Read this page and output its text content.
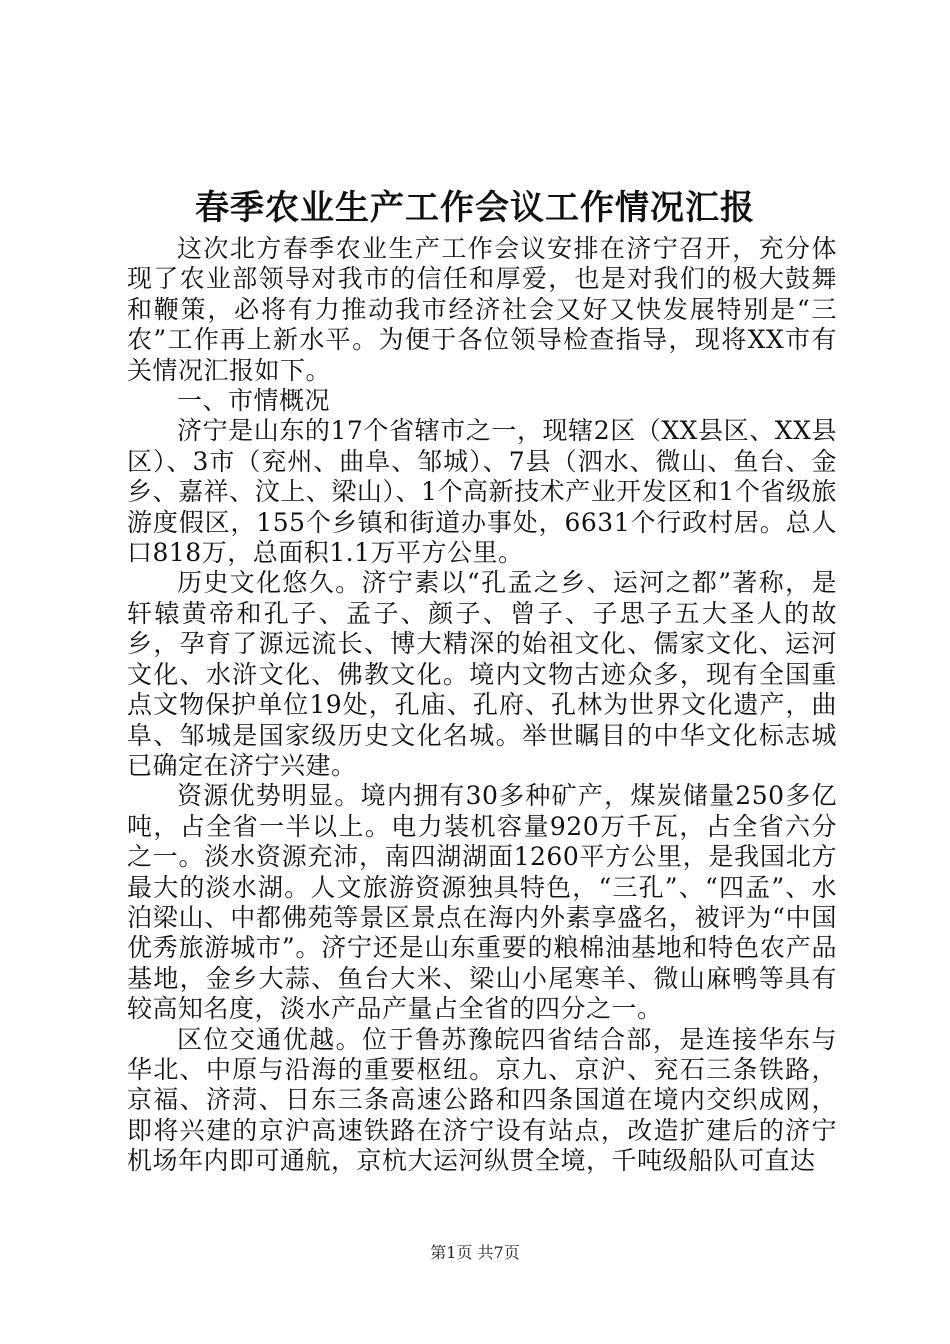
春季农业生产工作会议工作情况汇报

这次北方春季农业生产工作会议安排在济宁召开，充分体现了农业部领导对我市的信任和厚爱，也是对我们的极大鼓舞和鞭策，必将有力推动我市经济社会又好又快发展特别是“三农”工作再上新水平。为便于各位领导检查指导，现将XX市有关情况汇报如下。

一、市情概况

济宁是山东的17个省辖市之一，现辖2区（XX县区、XX县区）、3市（兖州、曲阜、邹城）、7县（泗水、微山、鱼台、金乡、嘉祥、汶上、梁山）、1个高新技术产业开发区和1个省级旅游度假区，155个乡镇和街道办事处，6631个行政村居。总人口818万，总面积1.1万平方公里。

历史文化悠久。济宁素以“孔孟之乡、运河之都”著称，是轩辕黄帝和孔子、孟子、颜子、曾子、子思子五大圣人的故乡，孕育了源远流长、博大精深的始祖文化、儒家文化、运河文化、水浒文化、佛教文化。境内文物古迹众多，现有全国重点文物保护单位19处，孔庙、孔府、孔林为世界文化遗产，曲阜、邹城是国家级历史文化名城。举世瞩目的中华文化标志城已确定在济宁兴建。

资源优势明显。境内拥有30多种矿产，煤炭储量250多亿吨，占全省一半以上。电力装机容量920万千瓦，占全省六分之一。淡水资源充沛，南四湖湖面1260平方公里，是我国北方最大的淡水湖。人文旅游资源独具特色，“三孔”、“四孟”、水泊梁山、中都佛苑等景区景点在海内外素享盛名，被评为“中国优秀旅游城市”。济宁还是山东重要的粮棉油基地和特色农产品基地，金乡大蒜、鱼台大米、梁山小尾寒羊、微山麻鸭等具有较高知名度，淡水产品产量占全省的四分之一。

区位交通优越。位于鲁苏豫皖四省结合部，是连接华东与华北、中原与沿海的重要枢纽。京九、京沪、兖石三条铁路，京福、济菏、日东三条高速公路和四条国道在境内交织成网，即将兴建的京沪高速铁路在济宁设有站点，改造扩建后的济宁机场年内即可通航，京杭大运河纵贯全境，千吨级船队可直达

第1页 共7页
